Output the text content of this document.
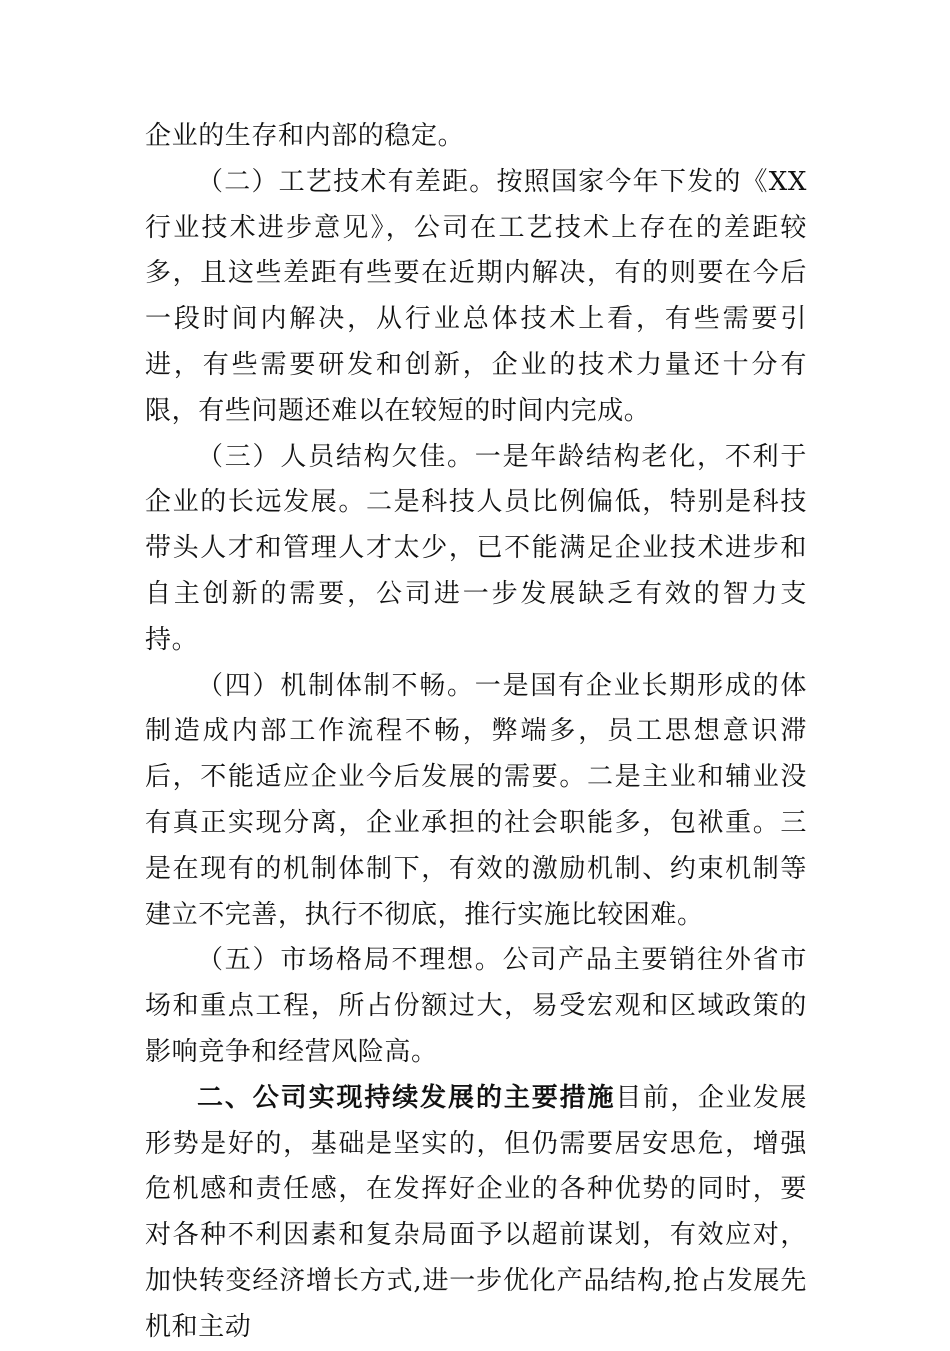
企业的生存和内部的稳定。

（二）工艺技术有差距。按照国家今年下发的《XX行业技术进步意见》，公司在工艺技术上存在的差距较多，且这些差距有些要在近期内解决，有的则要在今后一段时间内解决，从行业总体技术上看，有些需要引进，有些需要研发和创新，企业的技术力量还十分有限，有些问题还难以在较短的时间内完成。

（三）人员结构欠佳。一是年龄结构老化，不利于企业的长远发展。二是科技人员比例偏低，特别是科技带头人才和管理人才太少，已不能满足企业技术进步和自主创新的需要，公司进一步发展缺乏有效的智力支持。

（四）机制体制不畅。一是国有企业长期形成的体制造成内部工作流程不畅，弊端多，员工思想意识滞后，不能适应企业今后发展的需要。二是主业和辅业没有真正实现分离，企业承担的社会职能多，包袱重。三是在现有的机制体制下，有效的激励机制、约束机制等建立不完善，执行不彻底，推行实施比较困难。

（五）市场格局不理想。公司产品主要销往外省市场和重点工程，所占份额过大，易受宏观和区域政策的影响竞争和经营风险高。

二、公司实现持续发展的主要措施目前，企业发展形势是好的，基础是坚实的，但仍需要居安思危，增强危机感和责任感，在发挥好企业的各种优势的同时，要对各种不利因素和复杂局面予以超前谋划，有效应对，加快转变经济增长方式,进一步优化产品结构,抢占发展先机和主动
